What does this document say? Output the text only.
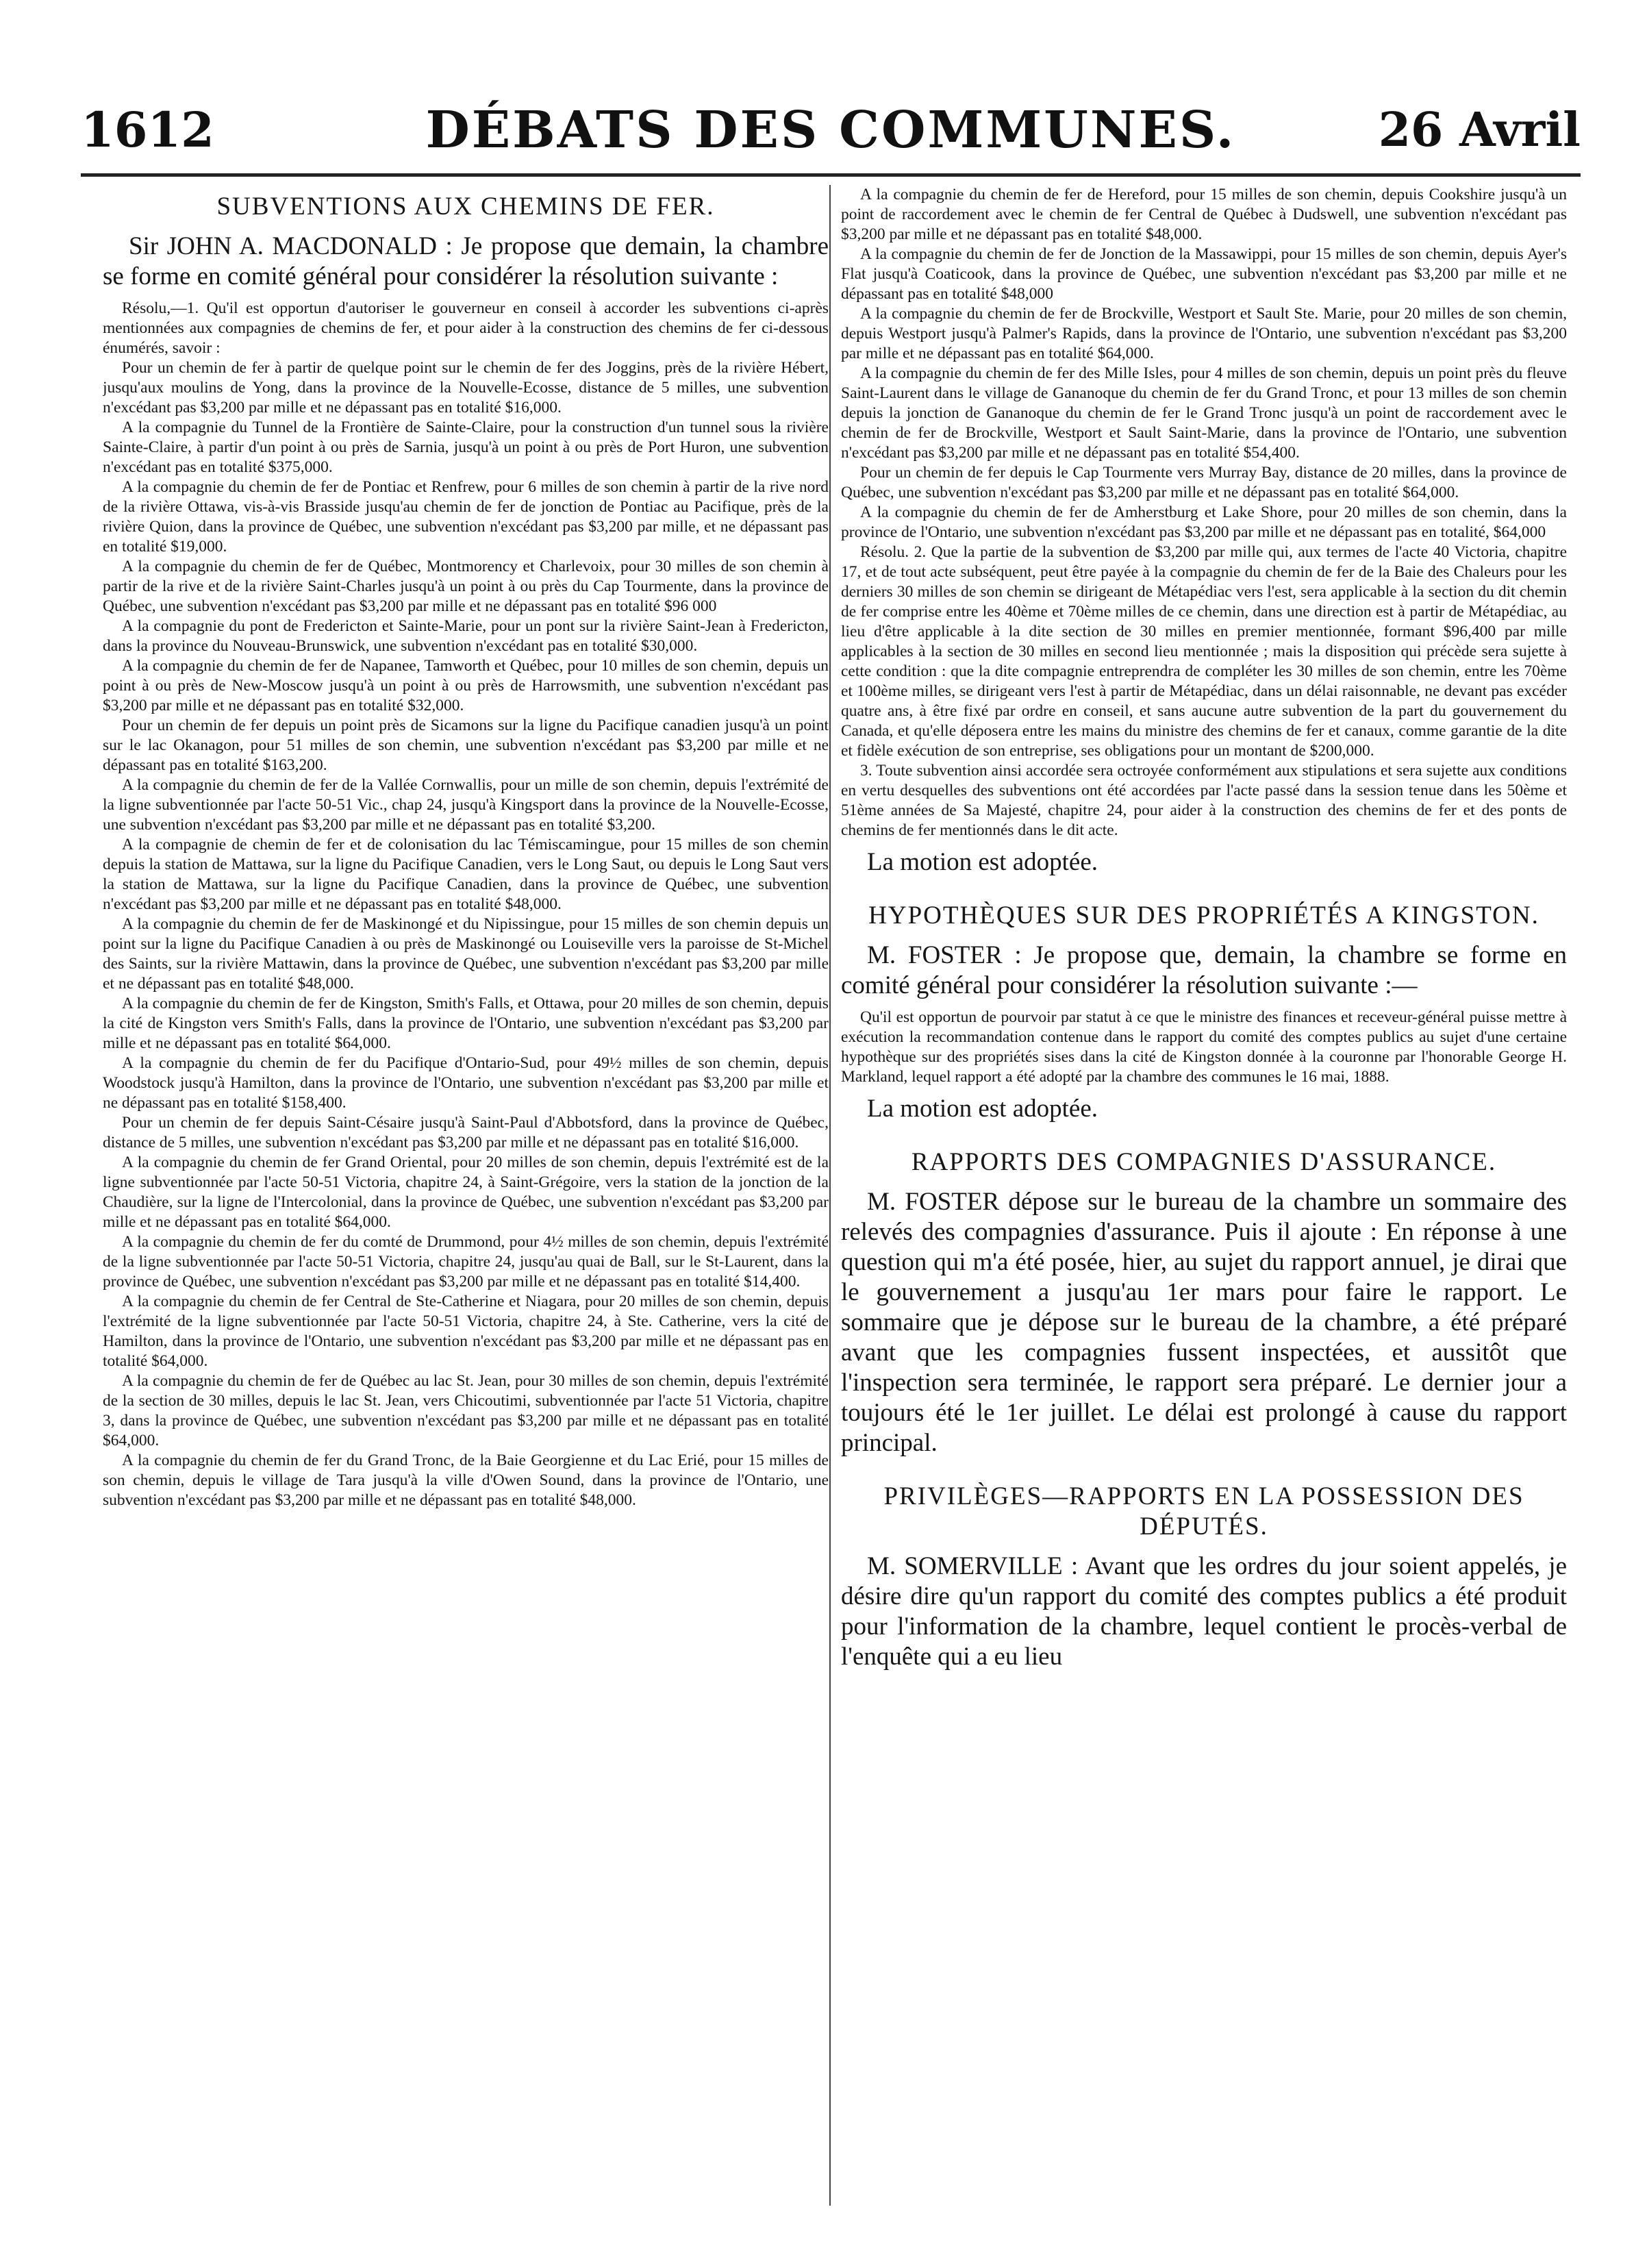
DÉBATS DES COMMUNES.
1612	26 Avril
SUBVENTIONS AUX CHEMINS DE FER.

Sir JOHN A. MACDONALD : Je propose que demain, la chambre se forme en comité général pour considérer la résolution suivante :

Résolu,—1. Qu'il est opportun d'autoriser le gouverneur en conseil à accorder les subventions ci-après mentionnées aux compagnies de chemins de fer, et pour aider à la construction des chemins de fer ci-dessous énumérés, savoir :

Pour un chemin de fer à partir de quelque point sur le chemin de fer des Joggins, près de la rivière Hébert, jusqu'aux moulins de Yong, dans la province de la Nouvelle-Ecosse, distance de 5 milles, une subvention n'excédant pas $3,200 par mille et ne dépassant pas en totalité $16,000.

A la compagnie du Tunnel de la Frontière de Sainte-Claire, pour la construction d'un tunnel sous la rivière Sainte-Claire, à partir d'un point à ou près de Sarnia, jusqu'à un point à ou près de Port Huron, une subvention n'excédant pas en totalité $375,000.

A la compagnie du chemin de fer de Pontiac et Renfrew, pour 6 milles de son chemin à partir de la rive nord de la rivière Ottawa, vis-à-vis Brasside jusqu'au chemin de fer de jonction de Pontiac au Pacifique, près de la rivière Quion, dans la province de Québec, une subvention n'excédant pas $3,200 par mille, et ne dépassant pas en totalité $19,000.

A la compagnie du chemin de fer de Québec, Montmorency et Charlevoix, pour 30 milles de son chemin à partir de la rive et de la rivière Saint-Charles jusqu'à un point à ou près du Cap Tourmente, dans la province de Québec, une subvention n'excédant pas $3,200 par mille et ne dépassant pas en totalité $96 000

A la compagnie du pont de Fredericton et Sainte-Marie, pour un pont sur la rivière Saint-Jean à Fredericton, dans la province du Nouveau-Brunswick, une subvention n'excédant pas en totalité $30,000.

A la compagnie du chemin de fer de Napanee, Tamworth et Québec, pour 10 milles de son chemin, depuis un point à ou près de New-Moscow jusqu'à un point à ou près de Harrowsmith, une subvention n'excédant pas $3,200 par mille et ne dépassant pas en totalité $32,000.

Pour un chemin de fer depuis un point près de Sicamons sur la ligne du Pacifique canadien jusqu'à un point sur le lac Okanagon, pour 51 milles de son chemin, une subvention n'excédant pas $3,200 par mille et ne dépassant pas en totalité $163,200.

A la compagnie du chemin de fer de la Vallée Cornwallis, pour un mille de son chemin, depuis l'extrémité de la ligne subventionnée par l'acte 50-51 Vic., chap 24, jusqu'à Kingsport dans la province de la Nouvelle-Ecosse, une subvention n'excédant pas $3,200 par mille et ne dépassant pas en totalité $3,200.

A la compagnie de chemin de fer et de colonisation du lac Témiscamingue, pour 15 milles de son chemin depuis la station de Mattawa, sur la ligne du Pacifique Canadien, vers le Long Saut, ou depuis le Long Saut vers la station de Mattawa, sur la ligne du Pacifique Canadien, dans la province de Québec, une subvention n'excédant pas $3,200 par mille et ne dépassant pas en totalité $48,000.

A la compagnie du chemin de fer de Maskinongé et du Nipissingue, pour 15 milles de son chemin depuis un point sur la ligne du Pacifique Canadien à ou près de Maskinongé ou Louiseville vers la paroisse de St-Michel des Saints, sur la rivière Mattawin, dans la province de Québec, une subvention n'excédant pas $3,200 par mille et ne dépassant pas en totalité $48,000.

A la compagnie du chemin de fer de Kingston, Smith's Falls, et Ottawa, pour 20 milles de son chemin, depuis la cité de Kingston vers Smith's Falls, dans la province de l'Ontario, une subvention n'excédant pas $3,200 par mille et ne dépassant pas en totalité $64,000.

A la compagnie du chemin de fer du Pacifique d'Ontario-Sud, pour 49½ milles de son chemin, depuis Woodstock jusqu'à Hamilton, dans la province de l'Ontario, une subvention n'excédant pas $3,200 par mille et ne dépassant pas en totalité $158,400.

Pour un chemin de fer depuis Saint-Césaire jusqu'à Saint-Paul d'Abbotsford, dans la province de Québec, distance de 5 milles, une subvention n'excédant pas $3,200 par mille et ne dépassant pas en totalité $16,000.

A la compagnie du chemin de fer Grand Oriental, pour 20 milles de son chemin, depuis l'extrémité est de la ligne subventionnée par l'acte 50-51 Victoria, chapitre 24, à Saint-Grégoire, vers la station de la jonction de la Chaudière, sur la ligne de l'Intercolonial, dans la province de Québec, une subvention n'excédant pas $3,200 par mille et ne dépassant pas en totalité $64,000.

A la compagnie du chemin de fer du comté de Drummond, pour 4½ milles de son chemin, depuis l'extrémité de la ligne subventionnée par l'acte 50-51 Victoria, chapitre 24, jusqu'au quai de Ball, sur le St-Laurent, dans la province de Québec, une subvention n'excédant pas $3,200 par mille et ne dépassant pas en totalité $14,400.

A la compagnie du chemin de fer Central de Ste-Catherine et Niagara, pour 20 milles de son chemin, depuis l'extrémité de la ligne subventionnée par l'acte 50-51 Victoria, chapitre 24, à Ste. Catherine, vers la cité de Hamilton, dans la province de l'Ontario, une subvention n'excédant pas $3,200 par mille et ne dépassant pas en totalité $64,000.

A la compagnie du chemin de fer de Québec au lac St. Jean, pour 30 milles de son chemin, depuis l'extrémité de la section de 30 milles, depuis le lac St. Jean, vers Chicoutimi, subventionnée par l'acte 51 Victoria, chapitre 3, dans la province de Québec, une subvention n'excédant pas $3,200 par mille et ne dépassant pas en totalité $64,000.

A la compagnie du chemin de fer du Grand Tronc, de la Baie Georgienne et du Lac Erié, pour 15 milles de son chemin, depuis le village de Tara jusqu'à la ville d'Owen Sound, dans la province de l'Ontario, une subvention n'excédant pas $3,200 par mille et ne dépassant pas en totalité $48,000.

A la compagnie du chemin de fer de Hereford, pour 15 milles de son chemin, depuis Cookshire jusqu'à un point de raccordement avec le chemin de fer Central de Québec à Dudswell, une subvention n'excédant pas $3,200 par mille et ne dépassant pas en totalité $48,000.

A la compagnie du chemin de fer de Jonction de la Massawippi, pour 15 milles de son chemin, depuis Ayer's Flat jusqu'à Coaticook, dans la province de Québec, une subvention n'excédant pas $3,200 par mille et ne dépassant pas en totalité $48,000

A la compagnie du chemin de fer de Brockville, Westport et Sault Ste. Marie, pour 20 milles de son chemin, depuis Westport jusqu'à Palmer's Rapids, dans la province de l'Ontario, une subvention n'excédant pas $3,200 par mille et ne dépassant pas en totalité $64,000.

A la compagnie du chemin de fer des Mille Isles, pour 4 milles de son chemin, depuis un point près du fleuve Saint-Laurent dans le village de Gananoque du chemin de fer du Grand Tronc, et pour 13 milles de son chemin depuis la jonction de Gananoque du chemin de fer le Grand Tronc jusqu'à un point de raccordement avec le chemin de fer de Brockville, Westport et Sault Saint-Marie, dans la province de l'Ontario, une subvention n'excédant pas $3,200 par mille et ne dépassant pas en totalité $54,400.

Pour un chemin de fer depuis le Cap Tourmente vers Murray Bay, distance de 20 milles, dans la province de Québec, une subvention n'excédant pas $3,200 par mille et ne dépassant pas en totalité $64,000.

A la compagnie du chemin de fer de Amherstburg et Lake Shore, pour 20 milles de son chemin, dans la province de l'Ontario, une subvention n'excédant pas $3,200 par mille et ne dépassant pas en totalité, $64,000

Résolu. 2. Que la partie de la subvention de $3,200 par mille qui, aux termes de l'acte 40 Victoria, chapitre 17, et de tout acte subséquent, peut être payée à la compagnie du chemin de fer de la Baie des Chaleurs pour les derniers 30 milles de son chemin se dirigeant de Métapédiac vers l'est, sera applicable à la section du dit chemin de fer comprise entre les 40ème et 70ème milles de ce chemin, dans une direction est à partir de Métapédiac, au lieu d'être applicable à la dite section de 30 milles en premier mentionnée, formant $96,400 par mille applicables à la section de 30 milles en second lieu mentionnée ; mais la disposition qui précède sera sujette à cette condition : que la dite compagnie entreprendra de compléter les 30 milles de son chemin, entre les 70ème et 100ème milles, se dirigeant vers l'est à partir de Métapédiac, dans un délai raisonnable, ne devant pas excéder quatre ans, à être fixé par ordre en conseil, et sans aucune autre subvention de la part du gouvernement du Canada, et qu'elle déposera entre les mains du ministre des chemins de fer et canaux, comme garantie de la dite et fidèle exécution de son entreprise, ses obligations pour un montant de $200,000.

3. Toute subvention ainsi accordée sera octroyée conformément aux stipulations et sera sujette aux conditions en vertu desquelles des subventions ont été accordées par l'acte passé dans la session tenue dans les 50ème et 51ème années de Sa Majesté, chapitre 24, pour aider à la construction des chemins de fer et des ponts de chemins de fer mentionnés dans le dit acte.

La motion est adoptée.

HYPOTHÈQUES SUR DES PROPRIÉTÉS A KINGSTON.

M. FOSTER : Je propose que, demain, la chambre se forme en comité général pour considérer la résolution suivante :—

Qu'il est opportun de pourvoir par statut à ce que le ministre des finances et receveur-général puisse mettre à exécution la recommandation contenue dans le rapport du comité des comptes publics au sujet d'une certaine hypothèque sur des propriétés sises dans la cité de Kingston donnée à la couronne par l'honorable George H. Markland, lequel rapport a été adopté par la chambre des communes le 16 mai, 1888.

La motion est adoptée.

RAPPORTS DES COMPAGNIES D'ASSURANCE.

M. FOSTER dépose sur le bureau de la chambre un sommaire des relevés des compagnies d'assurance. Puis il ajoute : En réponse à une question qui m'a été posée, hier, au sujet du rapport annuel, je dirai que le gouvernement a jusqu'au 1er mars pour faire le rapport. Le sommaire que je dépose sur le bureau de la chambre, a été préparé avant que les compagnies fussent inspectées, et aussitôt que l'inspection sera terminée, le rapport sera préparé. Le dernier jour a toujours été le 1er juillet. Le délai est prolongé à cause du rapport principal.

PRIVILÈGES—RAPPORTS EN LA POSSESSION DES DÉPUTÉS.

M. SOMERVILLE : Avant que les ordres du jour soient appelés, je désire dire qu'un rapport du comité des comptes publics a été produit pour l'information de la chambre, lequel contient le procès-verbal de l'enquête qui a eu lieu
